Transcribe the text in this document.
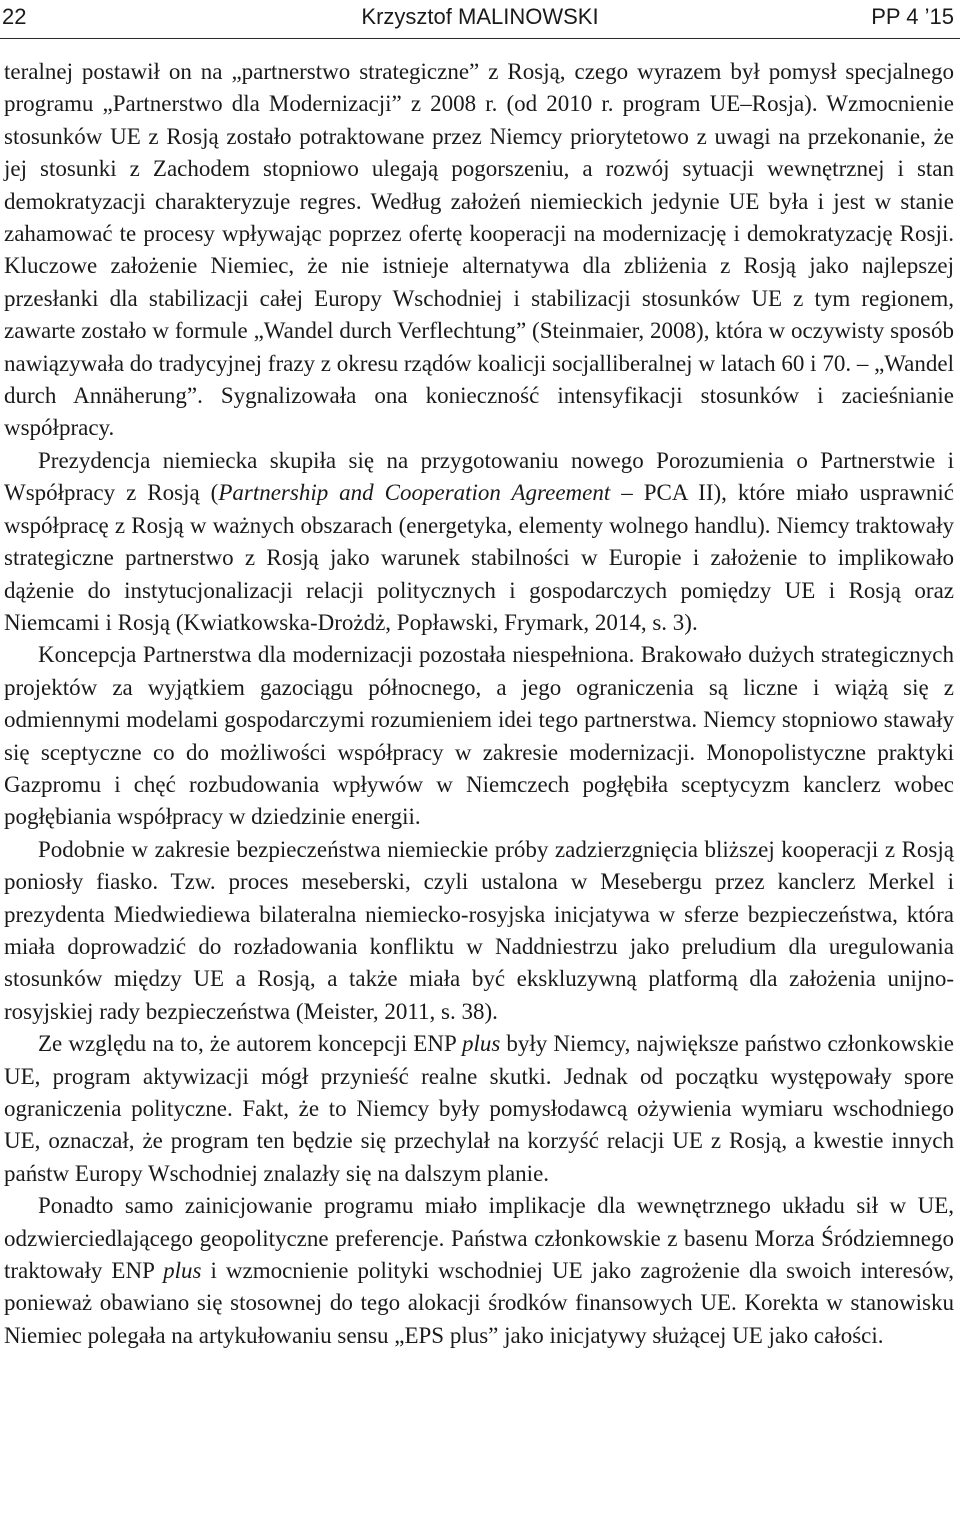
22	Krzysztof MALINOWSKI	PP 4 ’15

teralnej postawił on na „partnerstwo strategiczne” z Rosją, czego wyrazem był pomysł specjalnego programu „Partnerstwo dla Modernizacji” z 2008 r. (od 2010 r. program UE–Rosja). Wzmocnienie stosunków UE z Rosją zostało potraktowane przez Niemcy priorytetowo z uwagi na przekonanie, że jej stosunki z Zachodem stopniowo ulegają pogorszeniu, a rozwój sytuacji wewnętrznej i stan demokratyzacji charakteryzuje regres. Według założeń niemieckich jedynie UE była i jest w stanie zahamować te procesy wpływając poprzez ofertę kooperacji na modernizację i demokratyzację Rosji. Kluczowe założenie Niemiec, że nie istnieje alternatywa dla zbliżenia z Rosją jako najlepszej przesłanki dla stabilizacji całej Europy Wschodniej i stabilizacji stosunków UE z tym regionem, zawarte zostało w formule „Wandel durch Verflechtung” (Steinmaier, 2008), która w oczywisty sposób nawiązywała do tradycyjnej frazy z okresu rządów koalicji socjalliberalnej w latach 60 i 70. – „Wandel durch Annäherung”. Sygnalizowała ona konieczność intensyfikacji stosunków i zacieśnianie współpracy.

Prezydencja niemiecka skupiła się na przygotowaniu nowego Porozumienia o Partnerstwie i Współpracy z Rosją (Partnership and Cooperation Agreement – PCA II), które miało usprawnić współpracę z Rosją w ważnych obszarach (energetyka, elementy wolnego handlu). Niemcy traktowały strategiczne partnerstwo z Rosją jako warunek stabilności w Europie i założenie to implikowało dążenie do instytucjonalizacji relacji politycznych i gospodarczych pomiędzy UE i Rosją oraz Niemcami i Rosją (Kwiatkowska-Drożdż, Popławski, Frymark, 2014, s. 3).

Koncepcja Partnerstwa dla modernizacji pozostała niespełniona. Brakowało dużych strategicznych projektów za wyjątkiem gazociągu północnego, a jego ograniczenia są liczne i wiążą się z odmiennymi modelami gospodarczymi rozumieniem idei tego partnerstwa. Niemcy stopniowo stawały się sceptyczne co do możliwości współpracy w zakresie modernizacji. Monopolistyczne praktyki Gazpromu i chęć rozbudowania wpływów w Niemczech pogłębiła sceptycyzm kanclerz wobec pogłębiania współpracy w dziedzinie energii.

Podobnie w zakresie bezpieczeństwa niemieckie próby zadzierzgnięcia bliższej kooperacji z Rosją poniosły fiasko. Tzw. proces meseberski, czyli ustalona w Mesebergu przez kanclerz Merkel i prezydenta Miedwiediewa bilateralna niemiecko-rosyjska inicjatywa w sferze bezpieczeństwa, która miała doprowadzić do rozładowania konfliktu w Naddniestrzu jako preludium dla uregulowania stosunków między UE a Rosją, a także miała być ekskluzywną platformą dla założenia unijno-rosyjskiej rady bezpieczeństwa (Meister, 2011, s. 38).

Ze względu na to, że autorem koncepcji ENP plus były Niemcy, największe państwo członkowskie UE, program aktywizacji mógł przynieść realne skutki. Jednak od początku występowały spore ograniczenia polityczne. Fakt, że to Niemcy były pomysłodawcą ożywienia wymiaru wschodniego UE, oznaczał, że program ten będzie się przechylał na korzyść relacji UE z Rosją, a kwestie innych państw Europy Wschodniej znalazły się na dalszym planie.

Ponadto samo zainicjowanie programu miało implikacje dla wewnętrznego układu sił w UE, odzwierciedlającego geopolityczne preferencje. Państwa członkowskie z basenu Morza Śródziemnego traktowały ENP plus i wzmocnienie polityki wschodniej UE jako zagrożenie dla swoich interesów, ponieważ obawiano się stosownej do tego alokacji środków finansowych UE. Korekta w stanowisku Niemiec polegała na artykułowaniu sensu „EPS plus” jako inicjatywy służącej UE jako całości.
